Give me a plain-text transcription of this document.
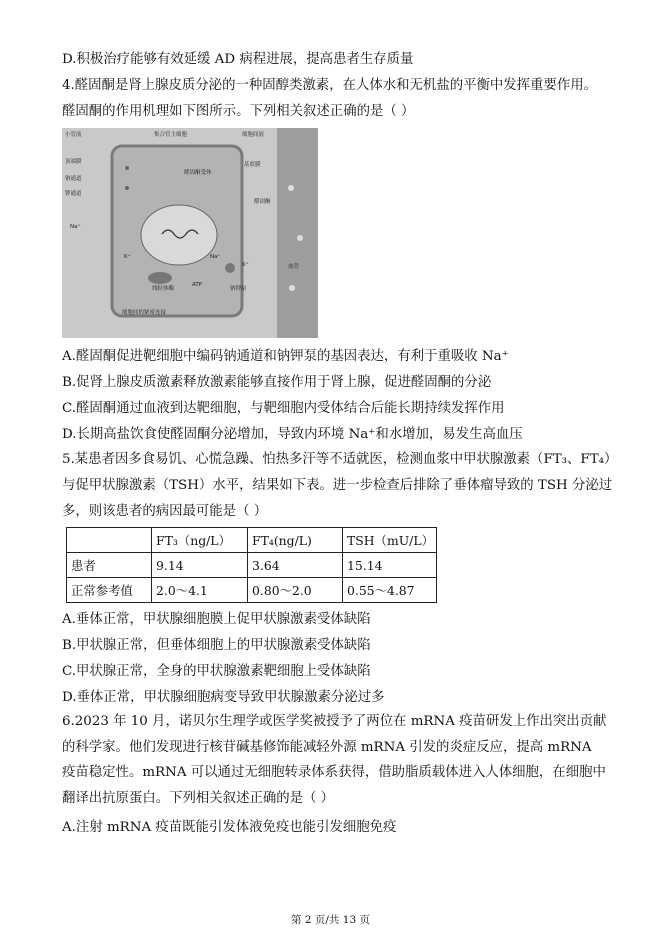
D.积极治疗能够有效延缓 AD 病程进展，提高患者生存质量
4.醛固酮是肾上腺皮质分泌的一种固醇类激素，在人体水和无机盐的平衡中发挥重要作用。
醛固酮的作用机理如下图所示。下列相关叙述正确的是（ ）
小管液	集合管主细胞	细胞间液
顶端膜
钠通道
钾通道
基底膜
醛固酮受体
醛固酮
Na⁺
K⁺	Na⁺
K⁺
线粒体酶
ATP
钠钾泵
血管
细胞间的紧密连接
A.醛固酮促进靶细胞中编码钠通道和钠钾泵的基因表达，有利于重吸收 Na⁺
B.促肾上腺皮质激素释放激素能够直接作用于肾上腺，促进醛固酮的分泌
C.醛固酮通过血液到达靶细胞，与靶细胞内受体结合后能长期持续发挥作用
D.长期高盐饮食使醛固酮分泌增加，导致内环境 Na⁺和水增加，易发生高血压
5.某患者因多食易饥、心慌急躁、怕热多汗等不适就医，检测血浆中甲状腺激素（FT₃、FT₄）
与促甲状腺激素（TSH）水平，结果如下表。进一步检查后排除了垂体瘤导致的 TSH 分泌过
多，则该患者的病因最可能是（ ）
	FT₃（ng/L）	FT₄(ng/L)	TSH（mU/L）
患者	9.14	3.64	15.14
正常参考值	2.0～4.1	0.80～2.0	0.55～4.87
A.垂体正常，甲状腺细胞膜上促甲状腺激素受体缺陷
B.甲状腺正常，但垂体细胞上的甲状腺激素受体缺陷
C.甲状腺正常，全身的甲状腺激素靶细胞上受体缺陷
D.垂体正常，甲状腺细胞病变导致甲状腺激素分泌过多
6.2023 年 10 月，诺贝尔生理学或医学奖被授予了两位在 mRNA 疫苗研发上作出突出贡献的科学家。他们发现进行核苷碱基修饰能减轻外源 mRNA 引发的炎症反应，提高 mRNA 疫苗稳定性。mRNA 可以通过无细胞转录体系获得，借助脂质载体进入人体细胞，在细胞中翻译出抗原蛋白。下列相关叙述正确的是（ ）
A.注射 mRNA 疫苗既能引发体液免疫也能引发细胞免疫
第 2 页/共 13 页
